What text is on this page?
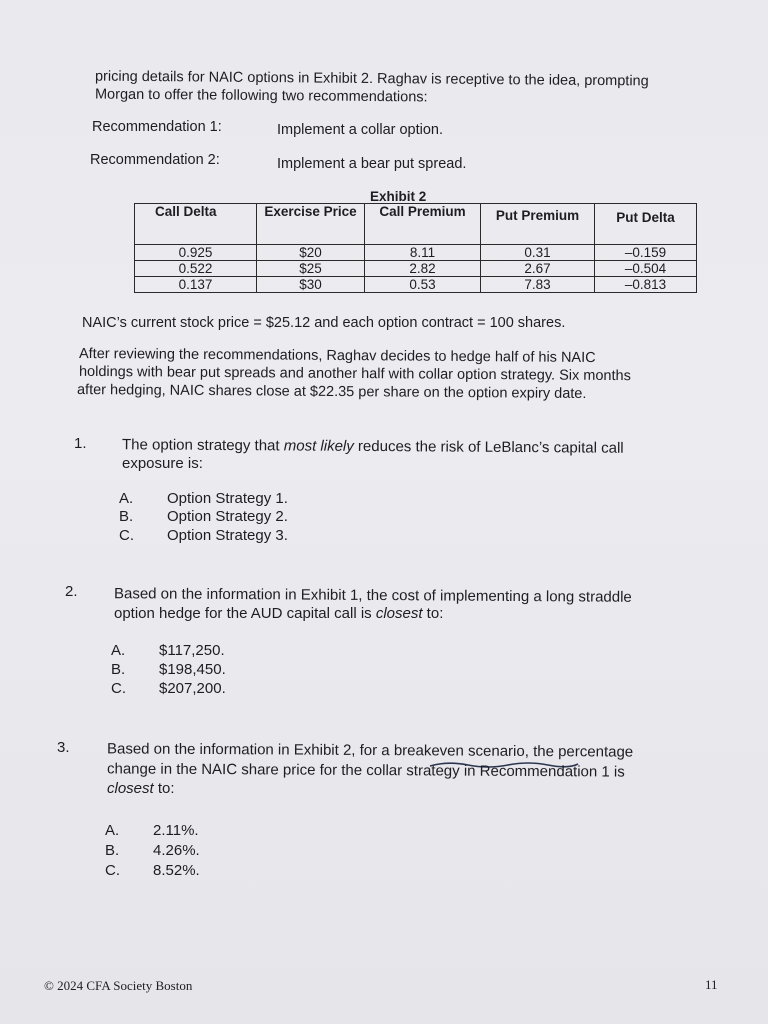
pricing details for NAIC options in Exhibit 2. Raghav is receptive to the idea, prompting
Morgan to offer the following two recommendations:
Recommendation 1:	Implement a collar option.
Recommendation 2:	Implement a bear put spread.
Exhibit 2
Call Delta	Exercise Price	Call Premium	Put Premium	Put Delta
0.925	$20	8.11	0.31	–0.159
0.522	$25	2.82	2.67	–0.504
0.137	$30	0.53	7.83	–0.813
NAIC’s current stock price = $25.12 and each option contract = 100 shares.
After reviewing the recommendations, Raghav decides to hedge half of his NAIC
holdings with bear put spreads and another half with collar option strategy. Six months
after hedging, NAIC shares close at $22.35 per share on the option expiry date.
1. The option strategy that most likely reduces the risk of LeBlanc’s capital call
exposure is:
A. Option Strategy 1.
B. Option Strategy 2.
C. Option Strategy 3.
2. Based on the information in Exhibit 1, the cost of implementing a long straddle
option hedge for the AUD capital call is closest to:
A. $117,250.
B. $198,450.
C. $207,200.
3. Based on the information in Exhibit 2, for a breakeven scenario, the percentage
change in the NAIC share price for the collar strategy in Recommendation 1 is
closest to:
A. 2.11%.
B. 4.26%.
C. 8.52%.
© 2024 CFA Society Boston	11
